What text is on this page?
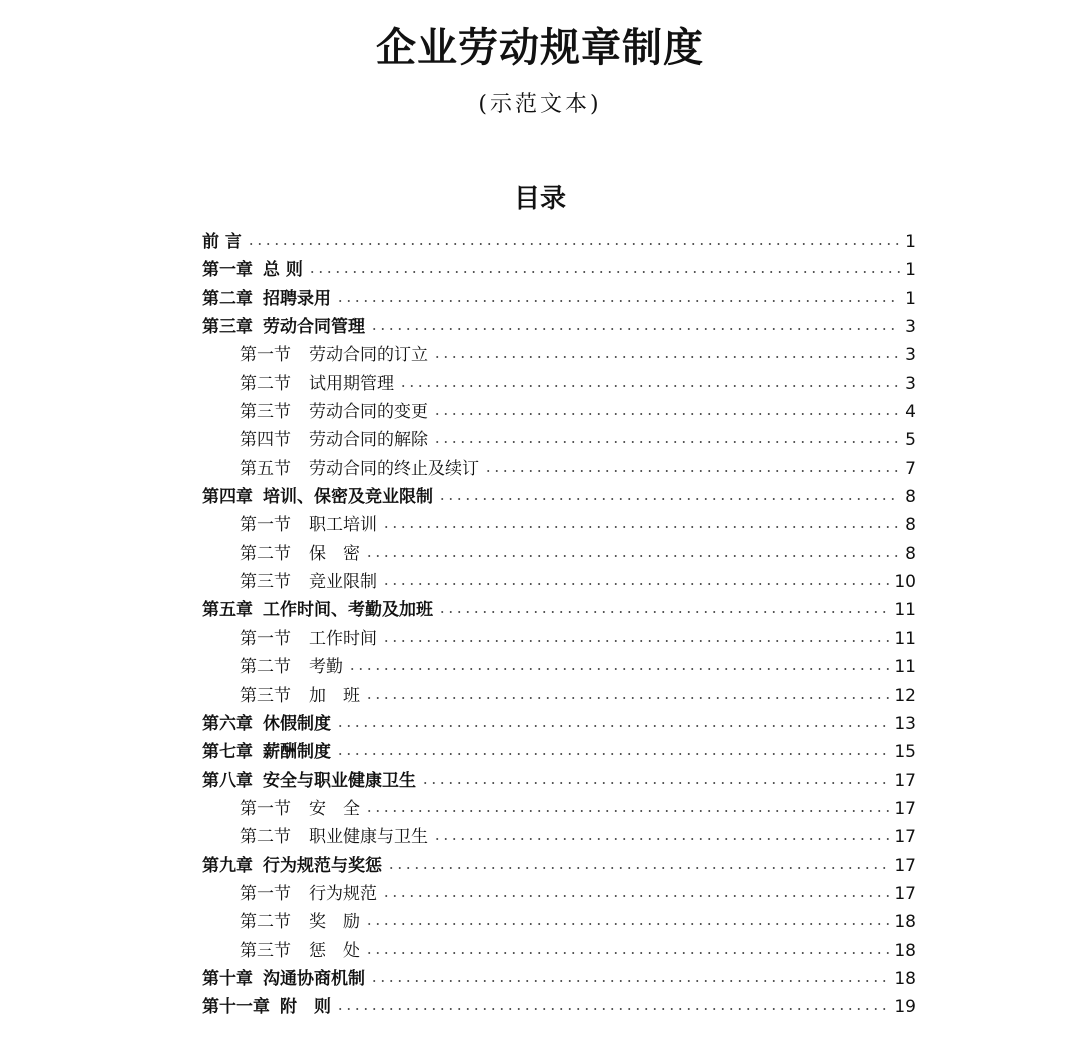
企业劳动规章制度
(示范文本)
目录
前 言	1
第一章 总 则	1
第二章 招聘录用	1
第三章 劳动合同管理	3
第一节 劳动合同的订立	3
第二节 试用期管理	3
第三节 劳动合同的变更	4
第四节 劳动合同的解除	5
第五节 劳动合同的终止及续订	7
第四章 培训、保密及竞业限制	8
第一节 职工培训	8
第二节 保　密	8
第三节 竞业限制	10
第五章 工作时间、考勤及加班	11
第一节 工作时间	11
第二节 考勤	11
第三节 加　班	12
第六章 休假制度	13
第七章 薪酬制度	15
第八章 安全与职业健康卫生	17
第一节 安　全	17
第二节 职业健康与卫生	17
第九章 行为规范与奖惩	17
第一节 行为规范	17
第二节 奖　励	18
第三节 惩　处	18
第十章 沟通协商机制	18
第十一章 附　则	19
